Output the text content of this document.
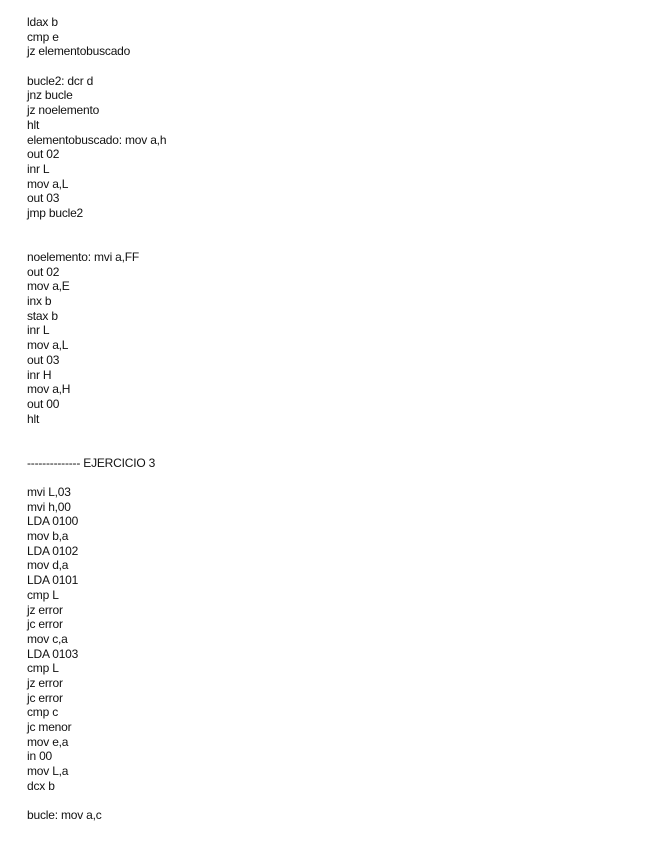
ldax b
cmp e
jz elementobuscado
bucle2: dcr d
jnz bucle
jz noelemento
hlt
elementobuscado: mov a,h
out 02
inr L
mov a,L
out 03
jmp bucle2
noelemento: mvi a,FF
out 02
mov a,E
inx b
stax b
inr L
mov a,L
out 03
inr H
mov a,H
out 00
hlt
-------------- EJERCICIO 3
mvi L,03
mvi h,00
LDA 0100
mov b,a
LDA 0102
mov d,a
LDA 0101
cmp L
jz error
jc error
mov c,a
LDA 0103
cmp L
jz error
jc error
cmp c
jc menor
mov e,a
in 00
mov L,a
dcx b
bucle: mov a,c
